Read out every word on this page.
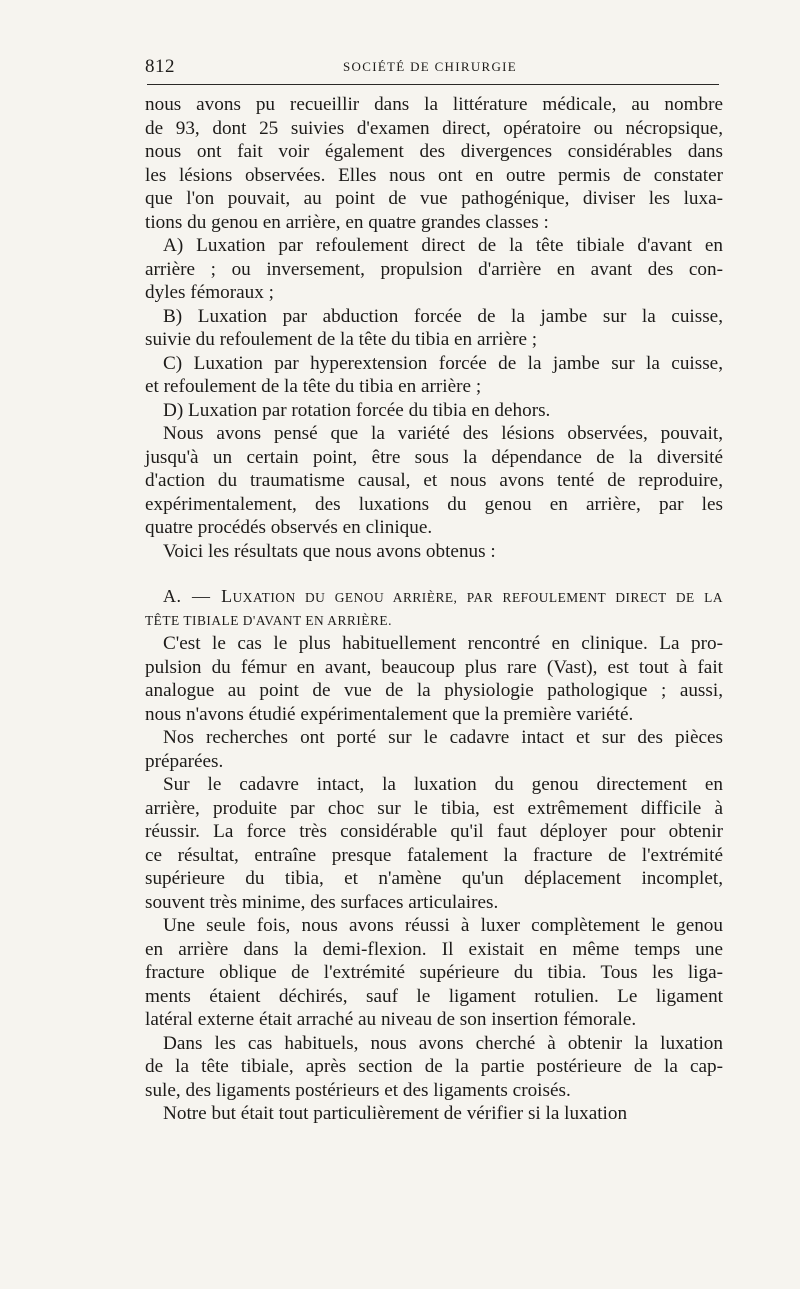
812	SOCIÉTÉ DE CHIRURGIE
nous avons pu recueillir dans la littérature médicale, au nombre
de 93, dont 25 suivies d'examen direct, opératoire ou nécropsique,
nous ont fait voir également des divergences considérables dans
les lésions observées. Elles nous ont en outre permis de constater
que l'on pouvait, au point de vue pathogénique, diviser les luxa-
tions du genou en arrière, en quatre grandes classes :
A) Luxation par refoulement direct de la tête tibiale d'avant en
arrière ; ou inversement, propulsion d'arrière en avant des con-
dyles fémoraux ;
B) Luxation par abduction forcée de la jambe sur la cuisse,
suivie du refoulement de la tête du tibia en arrière ;
C) Luxation par hyperextension forcée de la jambe sur la cuisse,
et refoulement de la tête du tibia en arrière ;
D) Luxation par rotation forcée du tibia en dehors.
Nous avons pensé que la variété des lésions observées, pouvait,
jusqu'à un certain point, être sous la dépendance de la diversité
d'action du traumatisme causal, et nous avons tenté de reproduire,
expérimentalement, des luxations du genou en arrière, par les
quatre procédés observés en clinique.
Voici les résultats que nous avons obtenus :
A. — LUXATION DU GENOU ARRIÈRE, PAR REFOULEMENT DIRECT DE LA
TÊTE TIBIALE D'AVANT EN ARRIÈRE.
C'est le cas le plus habituellement rencontré en clinique. La pro-
pulsion du fémur en avant, beaucoup plus rare (Vast), est tout à fait
analogue au point de vue de la physiologie pathologique ; aussi,
nous n'avons étudié expérimentalement que la première variété.
Nos recherches ont porté sur le cadavre intact et sur des pièces
préparées.
Sur le cadavre intact, la luxation du genou directement en
arrière, produite par choc sur le tibia, est extrêmement difficile à
réussir. La force très considérable qu'il faut déployer pour obtenir
ce résultat, entraîne presque fatalement la fracture de l'extrémité
supérieure du tibia, et n'amène qu'un déplacement incomplet,
souvent très minime, des surfaces articulaires.
Une seule fois, nous avons réussi à luxer complètement le genou
en arrière dans la demi-flexion. Il existait en même temps une
fracture oblique de l'extrémité supérieure du tibia. Tous les liga-
ments étaient déchirés, sauf le ligament rotulien. Le ligament
latéral externe était arraché au niveau de son insertion fémorale.
Dans les cas habituels, nous avons cherché à obtenir la luxation
de la tête tibiale, après section de la partie postérieure de la cap-
sule, des ligaments postérieurs et des ligaments croisés.
Notre but était tout particulièrement de vérifier si la luxation
